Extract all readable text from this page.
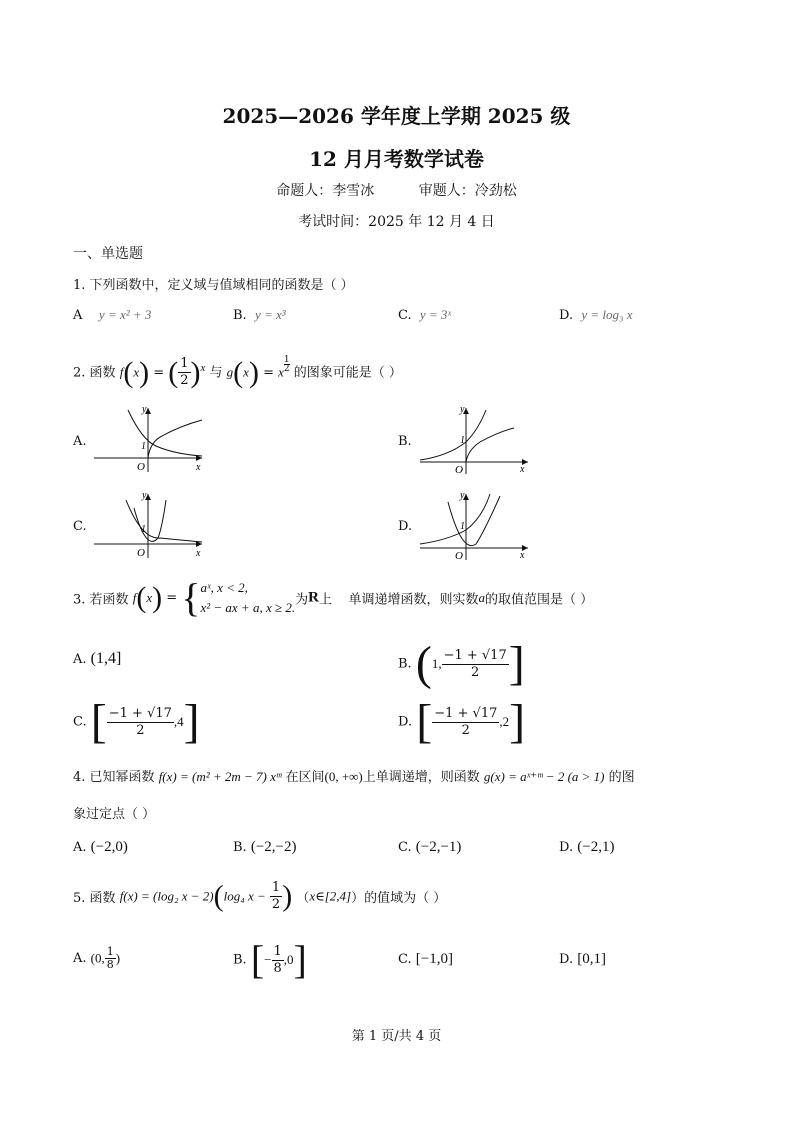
2025—2026 学年度上学期 2025 级
12 月月考数学试卷
命题人：李雪冰          审题人：冷劲松
考试时间：2025 年 12 月 4 日
一、单选题
1. 下列函数中，定义域与值域相同的函数是（ ）
A y = x² + 3	B. y = x³	C. y = 3ˣ	D. y = log₃ x
2. 函数 f(x) = ( $\frac{1}{2} )^x$ 与 g(x) = x $^{\frac{1}{2}}$ 的图象可能是（ ）
A.	B.
C.	D.
y
x
O
1
y
x
O
1
y
x
O
1
y
x
O
1
3. 若函数 f(x) = { aˣ, x < 2,
x² − ax + a, x ≥ 2. 为R上    单调递增函数，则实数a的取值范围是（ ）
A. (1,4]	B. (1, $\frac{-1 + √17}{2}$ ]
C. [ $\frac{-1 + √17}{2} ,4$]	D. [ $\frac{-1 + √17}{2} ,2$]
4. 已知幂函数 f(x) = (m² + 2m − 7) xᵐ 在区间(0, +∞)上单调递增，则函数 g(x) = aˣ⁺ᵐ − 2 (a > 1) 的图
象过定点（ ）
A. (−2,0)	B. (−2,−2)	C. (−2,−1)	D. (−2,1)
5. 函数 f(x) = (log₂ x − 2)(log₄ $x - \frac{1}{2}$ ) （x∈[2,4]）的值域为（ ）
A. (0, $\frac{1}{8}$ )	B. [− $\frac{1}{8} ,0$]	C. [−1,0]	D. [0,1]
第 1 页/共 4 页
